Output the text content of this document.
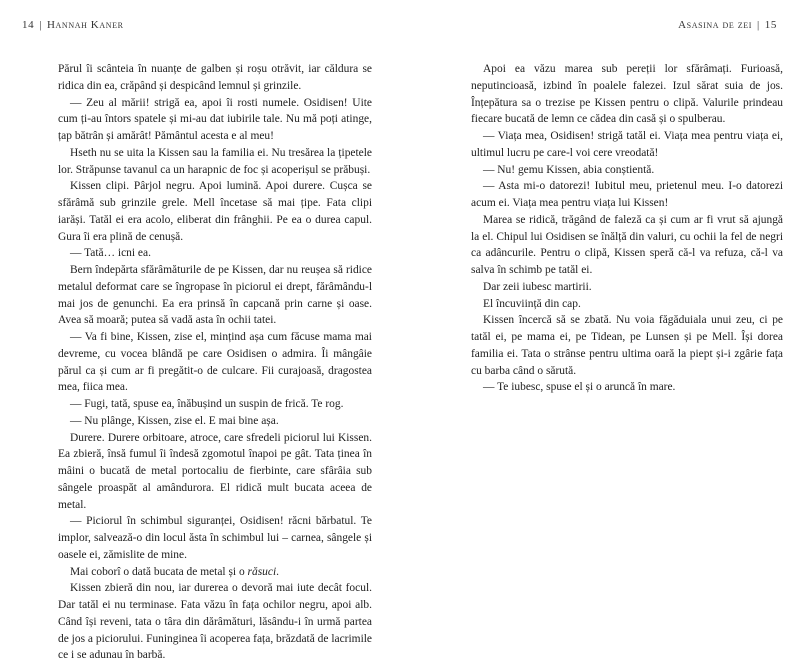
14 | Hannah Kaner

Părul îi scânteia în nuanțe de galben și roșu otrăvit, iar căldura se ridica din ea, crăpând și despicând lemnul și grinzile.

— Zeu al mării! strigă ea, apoi îi rosti numele. Osidisen! Uite cum ți-au întors spatele și mi-au dat iubirile tale. Nu mă poți atinge, țap bătrân și amărât! Pământul acesta e al meu!

Hseth nu se uita la Kissen sau la familia ei. Nu tresărea la țipetele lor. Străpunse tavanul ca un harapnic de foc și acoperișul se prăbuși.

Kissen clipi. Pârjol negru. Apoi lumină. Apoi durere. Cușca se sfărâmă sub grinzile grele. Mell încetase să mai țipe. Fata clipi iarăși. Tatăl ei era acolo, eliberat din frânghii. Pe ea o durea capul. Gura îi era plină de cenușă.

— Tată… icni ea.

Bern îndepărta sfărâmăturile de pe Kissen, dar nu reușea să ridice metalul deformat care se îngropase în piciorul ei drept, fărâmându-l mai jos de genunchi. Ea era prinsă în capcană prin carne și oase. Avea să moară; putea să vadă asta în ochii tatei.

— Va fi bine, Kissen, zise el, mințind așa cum făcuse mama mai devreme, cu vocea blândă pe care Osidisen o admira. Îi mângâie părul ca și cum ar fi pregătit-o de culcare. Fii curajoasă, dragostea mea, fiica mea.

— Fugi, tată, spuse ea, înăbușind un suspin de frică. Te rog.

— Nu plânge, Kissen, zise el. E mai bine așa.

Durere. Durere orbitoare, atroce, care sfredeli piciorul lui Kissen. Ea zbieră, însă fumul îi îndesă zgomotul înapoi pe gât. Tata ținea în mâini o bucată de metal portocaliu de fierbinte, care sfârâia sub sângele proaspăt al amândurora. El ridică mult bucata aceea de metal.

— Piciorul în schimbul siguranței, Osidisen! răcni bărbatul. Te implor, salvează-o din locul ăsta în schimbul lui – carnea, sângele și oasele ei, zămislite de mine.

Mai coborî o dată bucata de metal și o răsuci.

Kissen zbieră din nou, iar durerea o devoră mai iute decât focul. Dar tatăl ei nu terminase. Fata văzu în fața ochilor negru, apoi alb. Când își reveni, tata o târa din dărâmături, lăsându-i în urmă partea de jos a piciorului. Funinginea îi acoperea fața, brăzdată de lacrimile ce i se adunau în barbă.

Asasina de zei | 15

Apoi ea văzu marea sub pereții lor sfărâmați. Furioasă, neputincioasă, izbind în poalele falezei. Izul sărat suia de jos. Înțepătura sa o trezise pe Kissen pentru o clipă. Valurile prindeau fiecare bucată de lemn ce cădea din casă și o spulberau.

— Viața mea, Osidisen! strigă tatăl ei. Viața mea pentru viața ei, ultimul lucru pe care-l voi cere vreodată!

— Nu! gemu Kissen, abia conștientă.

— Asta mi-o datorezi! Iubitul meu, prietenul meu. I-o datorezi acum ei. Viața mea pentru viața lui Kissen!

Marea se ridică, trăgând de faleză ca și cum ar fi vrut să ajungă la el. Chipul lui Osidisen se înălță din valuri, cu ochii la fel de negri ca adâncurile. Pentru o clipă, Kissen speră că-l va refuza, că-l va salva în schimb pe tatăl ei.

Dar zeii iubesc martirii.

El încuviință din cap.

Kissen încercă să se zbată. Nu voia făgăduiala unui zeu, ci pe tatăl ei, pe mama ei, pe Tidean, pe Lunsen și pe Mell. Își dorea familia ei. Tata o strânse pentru ultima oară la piept și-i zgârie fața cu barba când o sărută.

— Te iubesc, spuse el și o aruncă în mare.
